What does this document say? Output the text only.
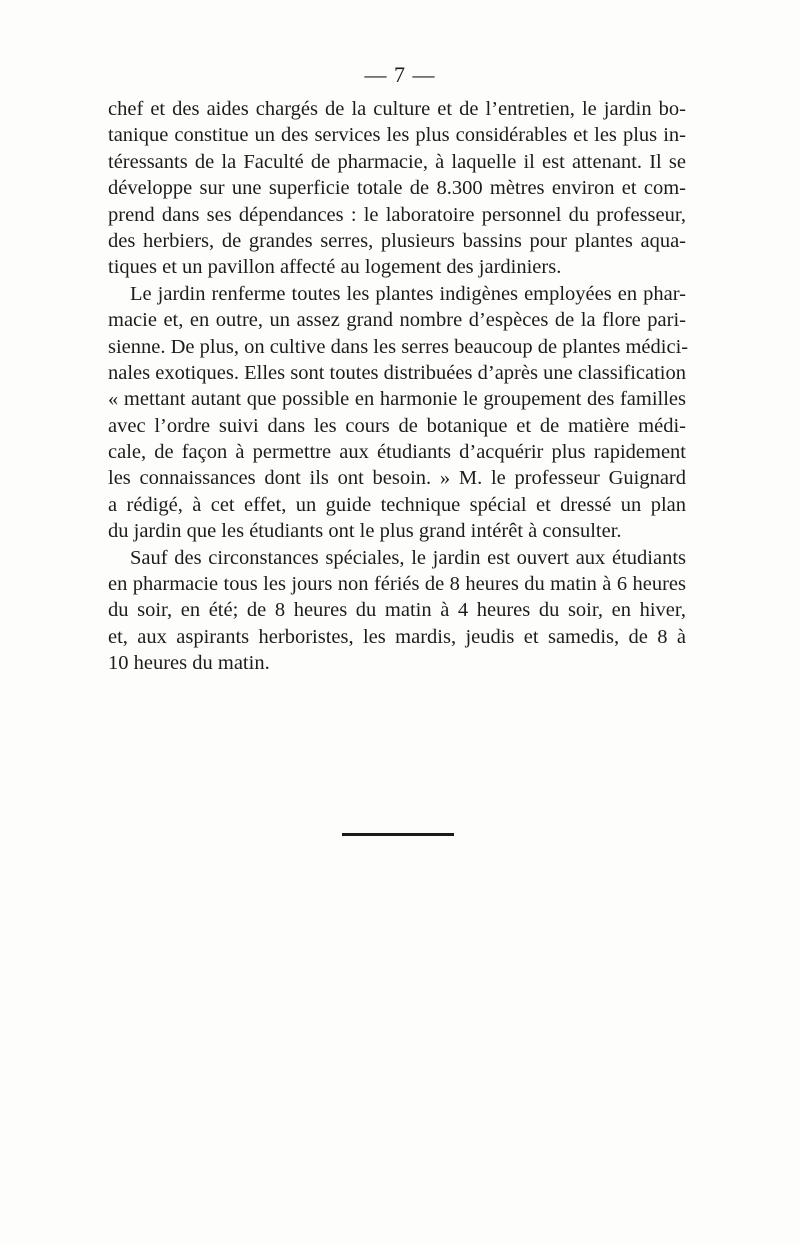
— 7 —
chef et des aides chargés de la culture et de l’entretien, le jardin bo-
tanique constitue un des services les plus considérables et les plus in-
téressants de la Faculté de pharmacie, à laquelle il est attenant. Il se
développe sur une superficie totale de 8.300 mètres environ et com-
prend dans ses dépendances : le laboratoire personnel du professeur,
des herbiers, de grandes serres, plusieurs bassins pour plantes aqua-
tiques et un pavillon affecté au logement des jardiniers.
Le jardin renferme toutes les plantes indigènes employées en phar-
macie et, en outre, un assez grand nombre d’espèces de la flore pari-
sienne. De plus, on cultive dans les serres beaucoup de plantes médici-
nales exotiques. Elles sont toutes distribuées d’après une classification
« mettant autant que possible en harmonie le groupement des familles
avec l’ordre suivi dans les cours de botanique et de matière médi-
cale, de façon à permettre aux étudiants d’acquérir plus rapidement
les connaissances dont ils ont besoin. » M. le professeur Guignard
a rédigé, à cet effet, un guide technique spécial et dressé un plan
du jardin que les étudiants ont le plus grand intérêt à consulter.
Sauf des circonstances spéciales, le jardin est ouvert aux étudiants
en pharmacie tous les jours non fériés de 8 heures du matin à 6 heures
du soir, en été; de 8 heures du matin à 4 heures du soir, en hiver,
et, aux aspirants herboristes, les mardis, jeudis et samedis, de 8 à
10 heures du matin.
